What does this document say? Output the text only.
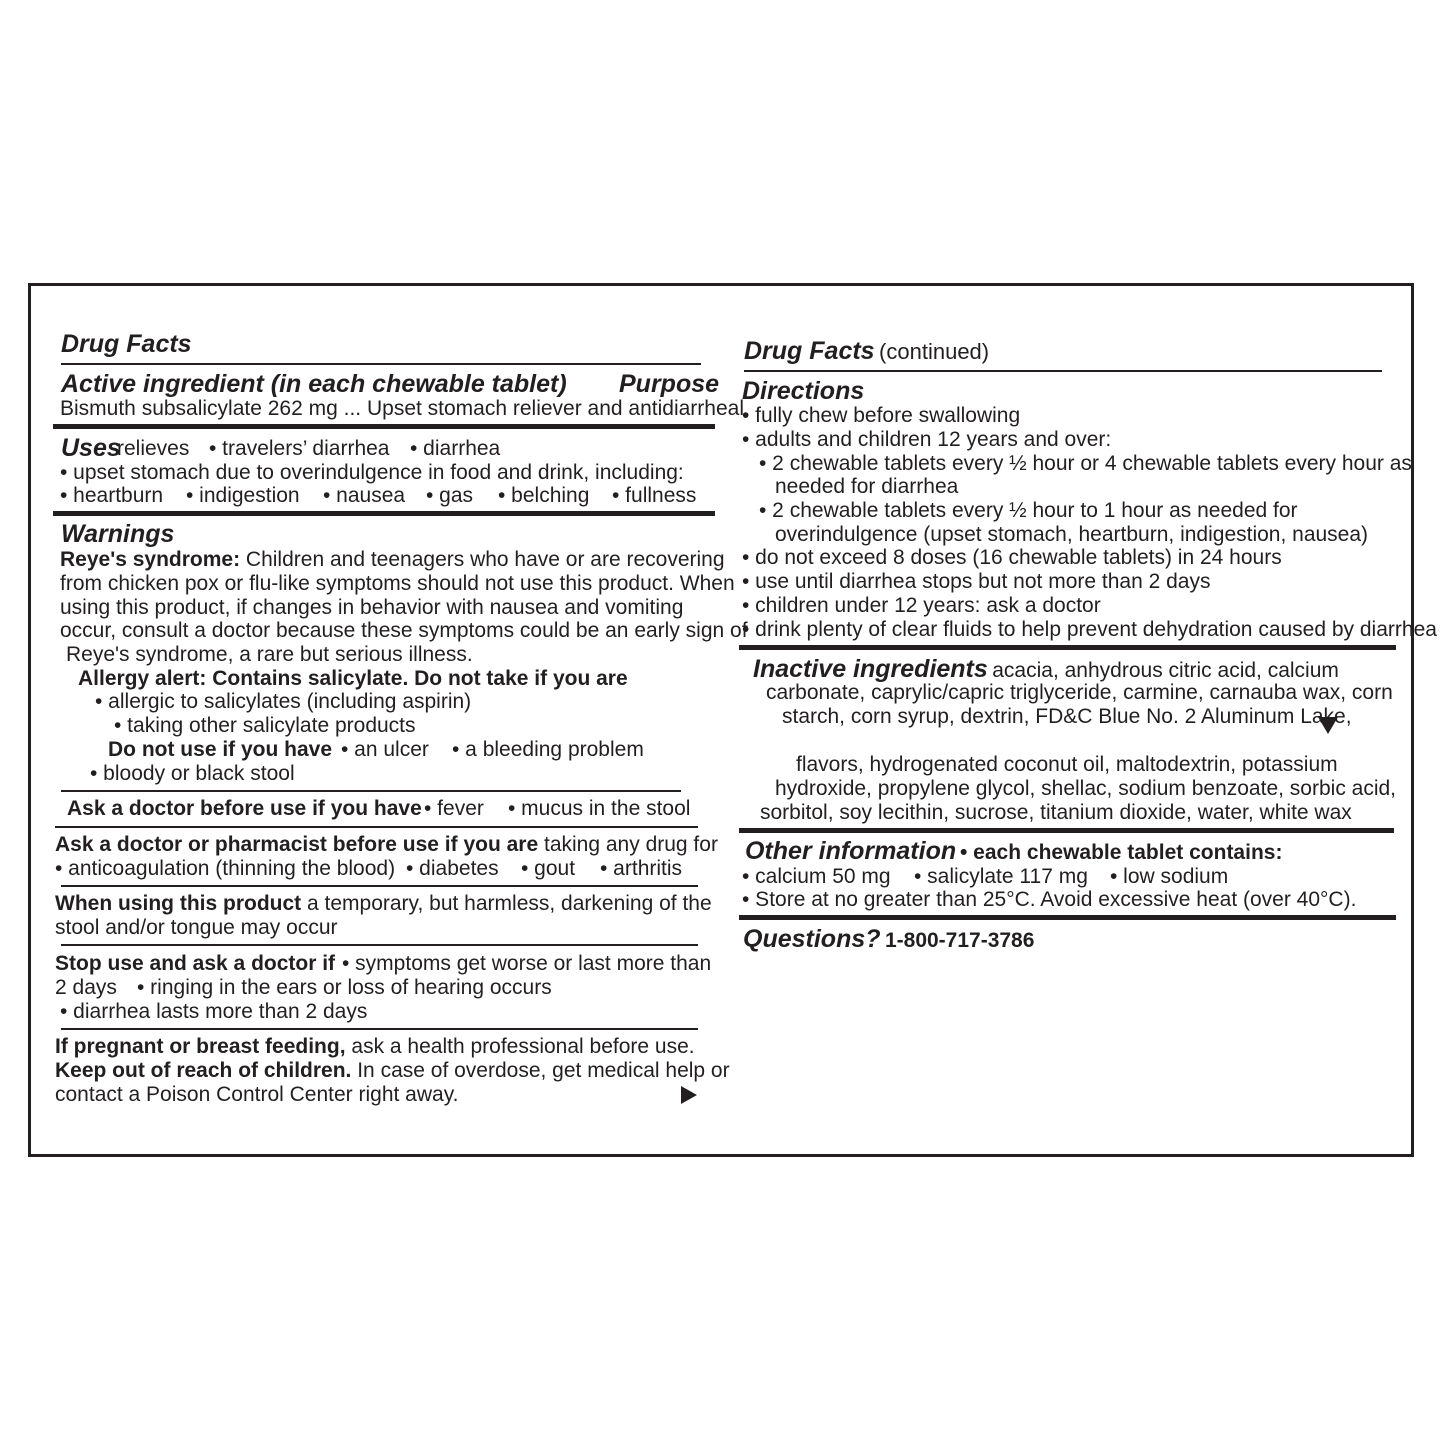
Drug Facts
Active ingredient (in each chewable tablet) Purpose
Bismuth subsalicylate 262 mg ... Upset stomach reliever and antidiarrheal
Uses
relieves • travelers’ diarrhea • diarrhea
• upset stomach due to overindulgence in food and drink, including:
• heartburn • indigestion • nausea • gas • belching • fullness
Warnings
Reye's syndrome: Children and teenagers who have or are recovering
from chicken pox or flu-like symptoms should not use this product. When
using this product, if changes in behavior with nausea and vomiting
occur, consult a doctor because these symptoms could be an early sign of
Reye's syndrome, a rare but serious illness.
Allergy alert: Contains salicylate. Do not take if you are
• allergic to salicylates (including aspirin)
• taking other salicylate products
Do not use if you have • an ulcer • a bleeding problem
• bloody or black stool
Ask a doctor before use if you have • fever • mucus in the stool
Ask a doctor or pharmacist before use if you are taking any drug for
• anticoagulation (thinning the blood) • diabetes • gout • arthritis
When using this product a temporary, but harmless, darkening of the
stool and/or tongue may occur
Stop use and ask a doctor if • symptoms get worse or last more than
2 days • ringing in the ears or loss of hearing occurs
• diarrhea lasts more than 2 days
If pregnant or breast feeding, ask a health professional before use.
Keep out of reach of children. In case of overdose, get medical help or
contact a Poison Control Center right away.
Drug Facts (continued)
Directions
• fully chew before swallowing
• adults and children 12 years and over:
• 2 chewable tablets every ½ hour or 4 chewable tablets every hour as
needed for diarrhea
• 2 chewable tablets every ½ hour to 1 hour as needed for
overindulgence (upset stomach, heartburn, indigestion, nausea)
• do not exceed 8 doses (16 chewable tablets) in 24 hours
• use until diarrhea stops but not more than 2 days
• children under 12 years: ask a doctor
• drink plenty of clear fluids to help prevent dehydration caused by diarrhea
Inactive ingredients acacia, anhydrous citric acid, calcium
carbonate, caprylic/capric triglyceride, carmine, carnauba wax, corn
starch, corn syrup, dextrin, FD&C Blue No. 2 Aluminum Lake,
flavors, hydrogenated coconut oil, maltodextrin, potassium
hydroxide, propylene glycol, shellac, sodium benzoate, sorbic acid,
sorbitol, soy lecithin, sucrose, titanium dioxide, water, white wax
Other information • each chewable tablet contains:
• calcium 50 mg • salicylate 117 mg • low sodium
• Store at no greater than 25°C. Avoid excessive heat (over 40°C).
Questions? 1-800-717-3786
